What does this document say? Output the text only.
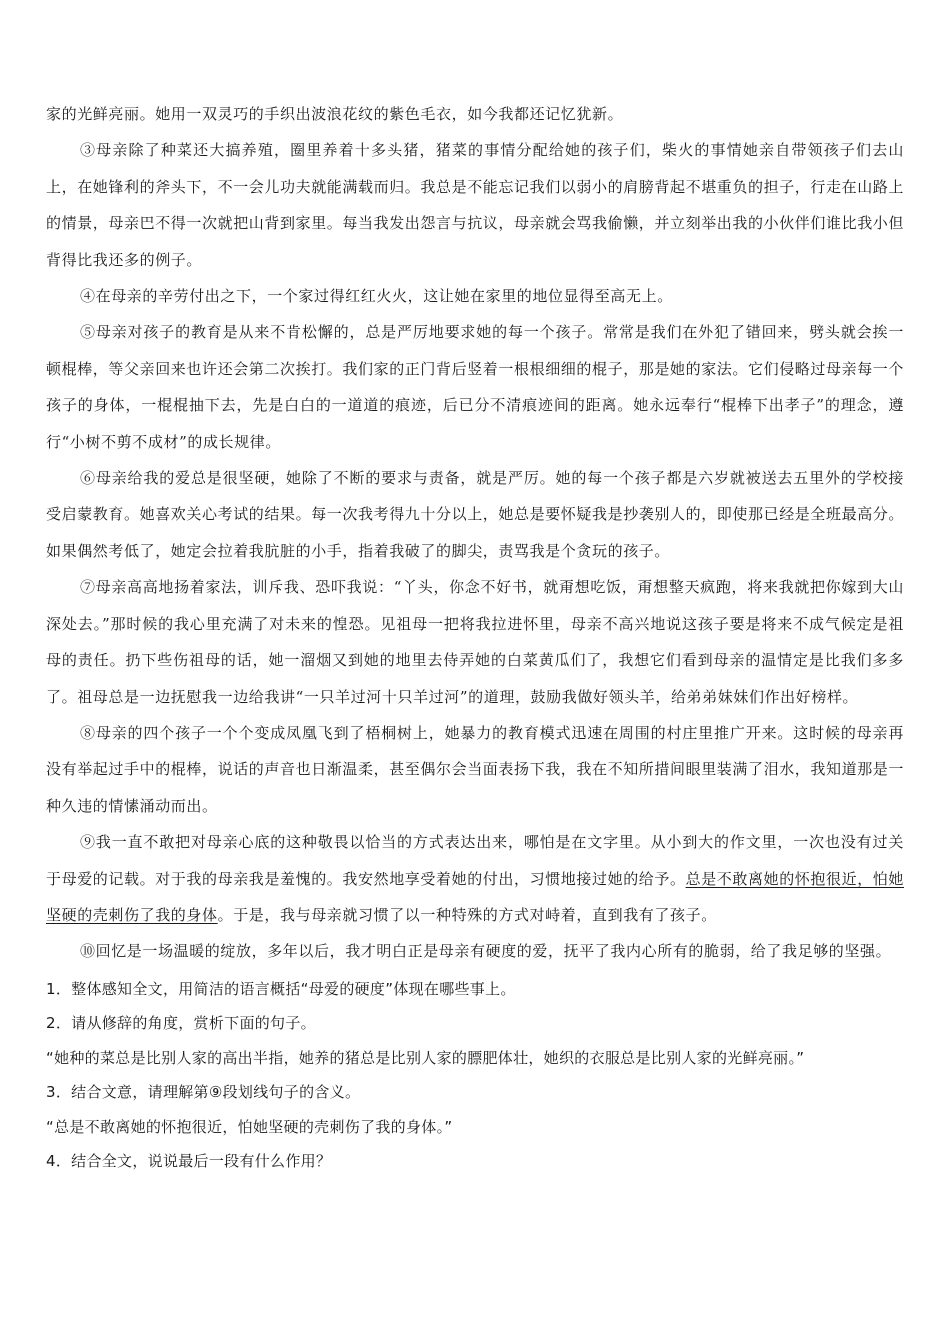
家的光鲜亮丽。她用一双灵巧的手织出波浪花纹的紫色毛衣，如今我都还记忆犹新。

③母亲除了种菜还大搞养殖，圈里养着十多头猪，猪菜的事情分配给她的孩子们，柴火的事情她亲自带领孩子们去山上，在她锋利的斧头下，不一会儿功夫就能满载而归。我总是不能忘记我们以弱小的肩膀背起不堪重负的担子，行走在山路上的情景，母亲巴不得一次就把山背到家里。每当我发出怨言与抗议，母亲就会骂我偷懒，并立刻举出我的小伙伴们谁比我小但背得比我还多的例子。

④在母亲的辛劳付出之下，一个家过得红红火火，这让她在家里的地位显得至高无上。

⑤母亲对孩子的教育是从来不肯松懈的，总是严厉地要求她的每一个孩子。常常是我们在外犯了错回来，劈头就会挨一顿棍棒，等父亲回来也许还会第二次挨打。我们家的正门背后竖着一根根细细的棍子，那是她的家法。它们侵略过母亲每一个孩子的身体，一棍棍抽下去，先是白白的一道道的痕迹，后已分不清痕迹间的距离。她永远奉行“棍棒下出孝子”的理念，遵行“小树不剪不成材”的成长规律。

⑥母亲给我的爱总是很坚硬，她除了不断的要求与责备，就是严厉。她的每一个孩子都是六岁就被送去五里外的学校接受启蒙教育。她喜欢关心考试的结果。每一次我考得九十分以上，她总是要怀疑我是抄袭别人的，即使那已经是全班最高分。如果偶然考低了，她定会拉着我肮脏的小手，指着我破了的脚尖，责骂我是个贪玩的孩子。

⑦母亲高高地扬着家法，训斥我、恐吓我说：“丫头，你念不好书，就甭想吃饭，甭想整天疯跑，将来我就把你嫁到大山深处去。”那时候的我心里充满了对未来的惶恐。见祖母一把将我拉进怀里，母亲不高兴地说这孩子要是将来不成气候定是祖母的责任。扔下些伤祖母的话，她一溜烟又到她的地里去侍弄她的白菜黄瓜们了，我想它们看到母亲的温情定是比我们多多了。祖母总是一边抚慰我一边给我讲“一只羊过河十只羊过河”的道理，鼓励我做好领头羊，给弟弟妹妹们作出好榜样。

⑧母亲的四个孩子一个个变成凤凰飞到了梧桐树上，她暴力的教育模式迅速在周围的村庄里推广开来。这时候的母亲再没有举起过手中的棍棒，说话的声音也日渐温柔，甚至偶尔会当面表扬下我，我在不知所措间眼里装满了泪水，我知道那是一种久违的情愫涌动而出。

⑨我一直不敢把对母亲心底的这种敬畏以恰当的方式表达出来，哪怕是在文字里。从小到大的作文里，一次也没有过关于母爱的记载。对于我的母亲我是羞愧的。我安然地享受着她的付出，习惯地接过她的给予。总是不敢离她的怀抱很近，怕她坚硬的壳刺伤了我的身体。于是，我与母亲就习惯了以一种特殊的方式对峙着，直到我有了孩子。

⑩回忆是一场温暖的绽放，多年以后，我才明白正是母亲有硬度的爱，抚平了我内心所有的脆弱，给了我足够的坚强。

1．整体感知全文，用简洁的语言概括“母爱的硬度”体现在哪些事上。

2．请从修辞的角度，赏析下面的句子。

“她种的菜总是比别人家的高出半指，她养的猪总是比别人家的膘肥体壮，她织的衣服总是比别人家的光鲜亮丽。”

3．结合文意，请理解第⑨段划线句子的含义。

“总是不敢离她的怀抱很近，怕她坚硬的壳刺伤了我的身体。”

4．结合全文，说说最后一段有什么作用？
